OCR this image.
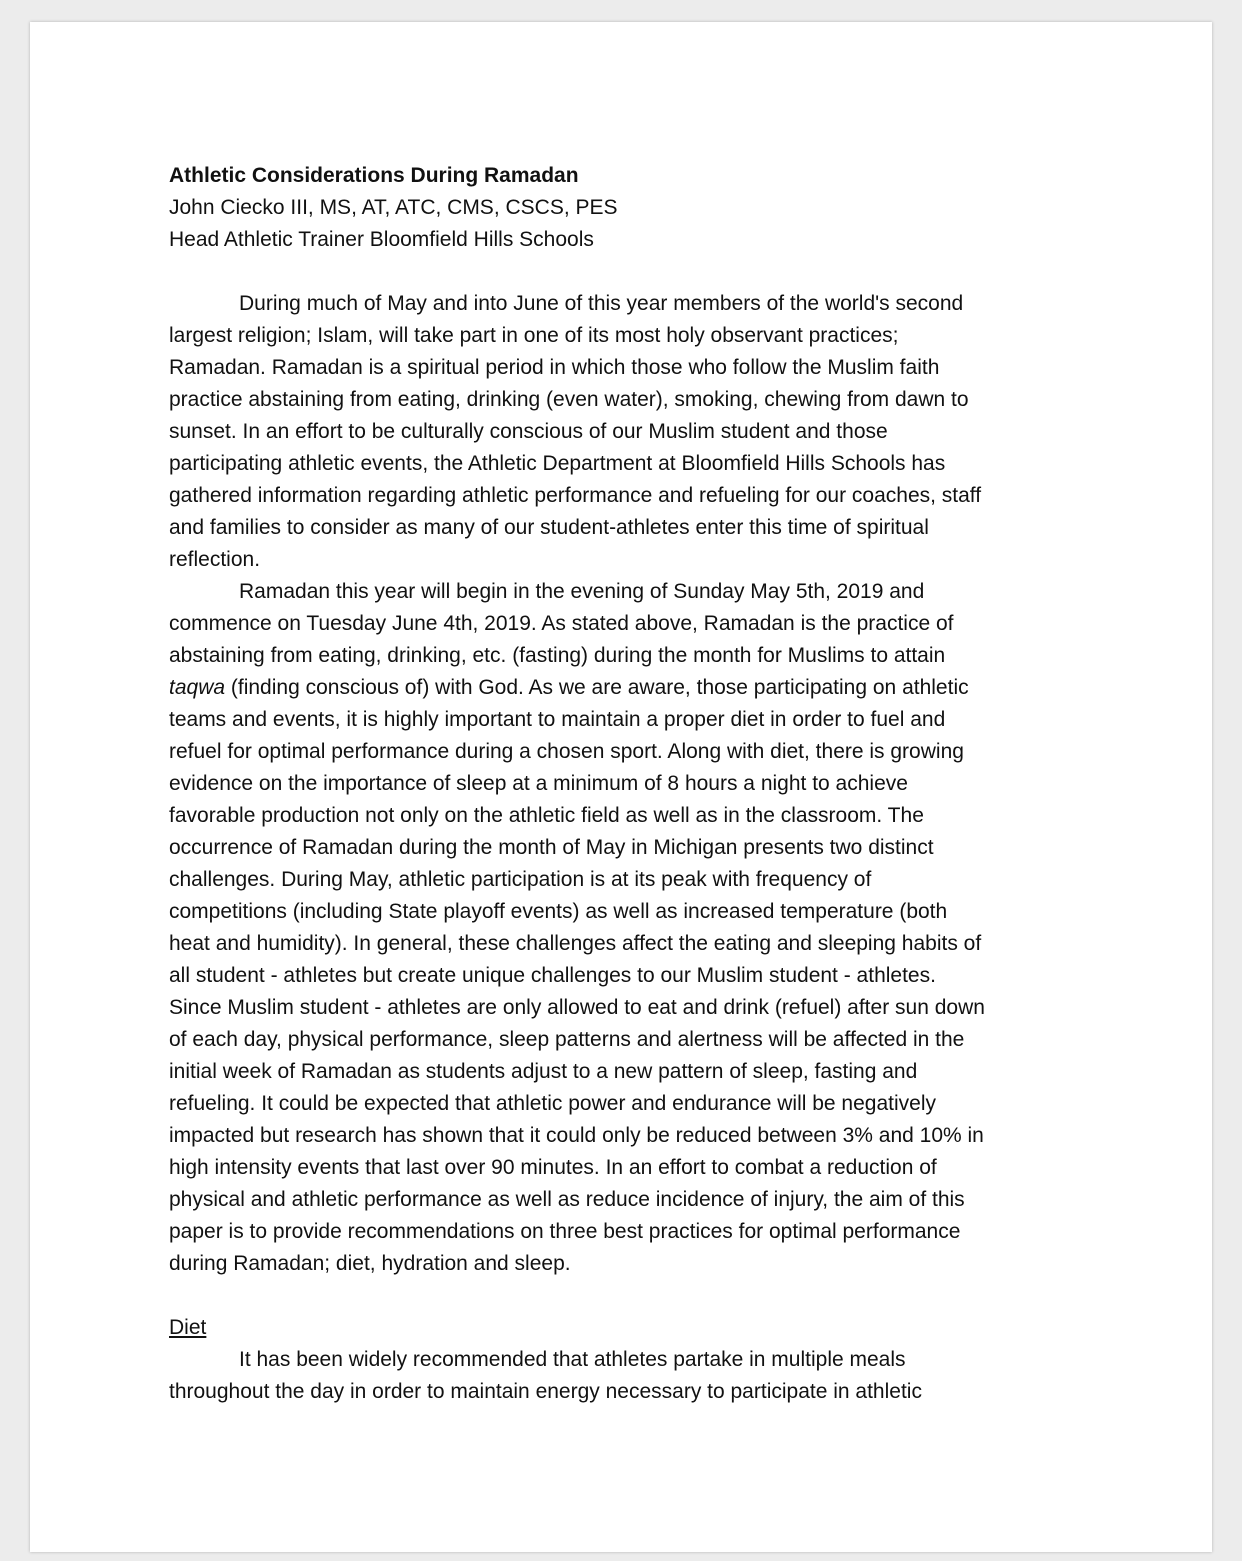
Athletic Considerations During Ramadan
John Ciecko III, MS, AT, ATC, CMS, CSCS, PES
Head Athletic Trainer Bloomfield Hills Schools
During much of May and into June of this year members of the world's second
largest religion; Islam, will take part in one of its most holy observant practices;
Ramadan. Ramadan is a spiritual period in which those who follow the Muslim faith
practice abstaining from eating, drinking (even water), smoking, chewing from dawn to
sunset. In an effort to be culturally conscious of our Muslim student and those
participating athletic events, the Athletic Department at Bloomfield Hills Schools has
gathered information regarding athletic performance and refueling for our coaches, staff
and families to consider as many of our student-athletes enter this time of spiritual
reflection.
Ramadan this year will begin in the evening of Sunday May 5th, 2019 and
commence on Tuesday June 4th, 2019. As stated above, Ramadan is the practice of
abstaining from eating, drinking, etc. (fasting) during the month for Muslims to attain
taqwa (finding conscious of) with God. As we are aware, those participating on athletic
teams and events, it is highly important to maintain a proper diet in order to fuel and
refuel for optimal performance during a chosen sport. Along with diet, there is growing
evidence on the importance of sleep at a minimum of 8 hours a night to achieve
favorable production not only on the athletic field as well as in the classroom. The
occurrence of Ramadan during the month of May in Michigan presents two distinct
challenges. During May, athletic participation is at its peak with frequency of
competitions (including State playoff events) as well as increased temperature (both
heat and humidity). In general, these challenges affect the eating and sleeping habits of
all student - athletes but create unique challenges to our Muslim student - athletes.
Since Muslim student - athletes are only allowed to eat and drink (refuel) after sun down
of each day, physical performance, sleep patterns and alertness will be affected in the
initial week of Ramadan as students adjust to a new pattern of sleep, fasting and
refueling. It could be expected that athletic power and endurance will be negatively
impacted but research has shown that it could only be reduced between 3% and 10% in
high intensity events that last over 90 minutes. In an effort to combat a reduction of
physical and athletic performance as well as reduce incidence of injury, the aim of this
paper is to provide recommendations on three best practices for optimal performance
during Ramadan; diet, hydration and sleep.
Diet
It has been widely recommended that athletes partake in multiple meals
throughout the day in order to maintain energy necessary to participate in athletic
